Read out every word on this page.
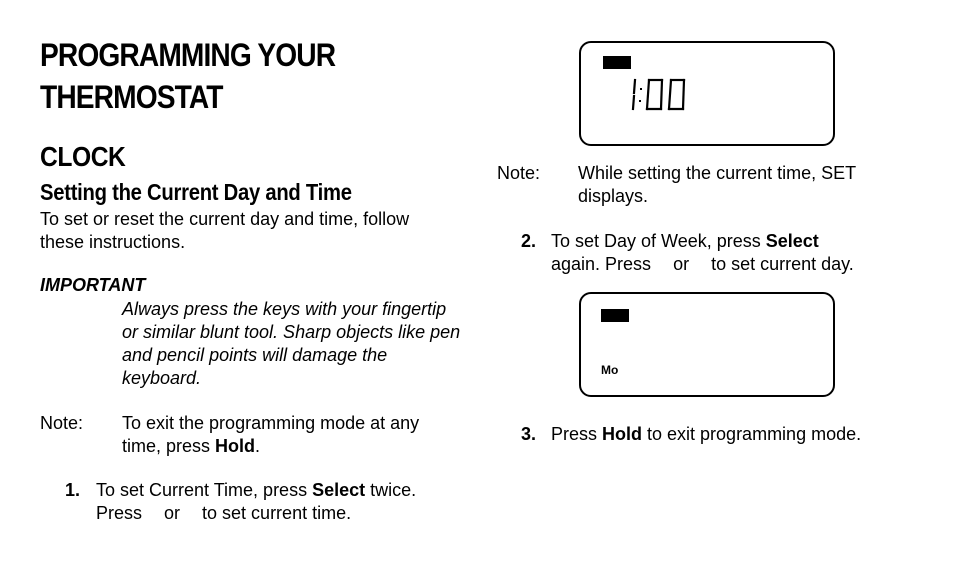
PROGRAMMING YOUR
THERMOSTAT
CLOCK
Setting the Current Day and Time
To set or reset the current day and time, follow these instructions.
IMPORTANT
Always press the keys with your fingertip or similar blunt tool. Sharp objects like pen and pencil points will damage the keyboard.
Note: To exit the programming mode at any time, press Hold.
1. To set Current Time, press Select twice.
Press or to set current time.
Note: While setting the current time, SET displays.
2. To set Day of Week, press Select
again. Press or to set current day.
Mo
3. Press Hold to exit programming mode.
